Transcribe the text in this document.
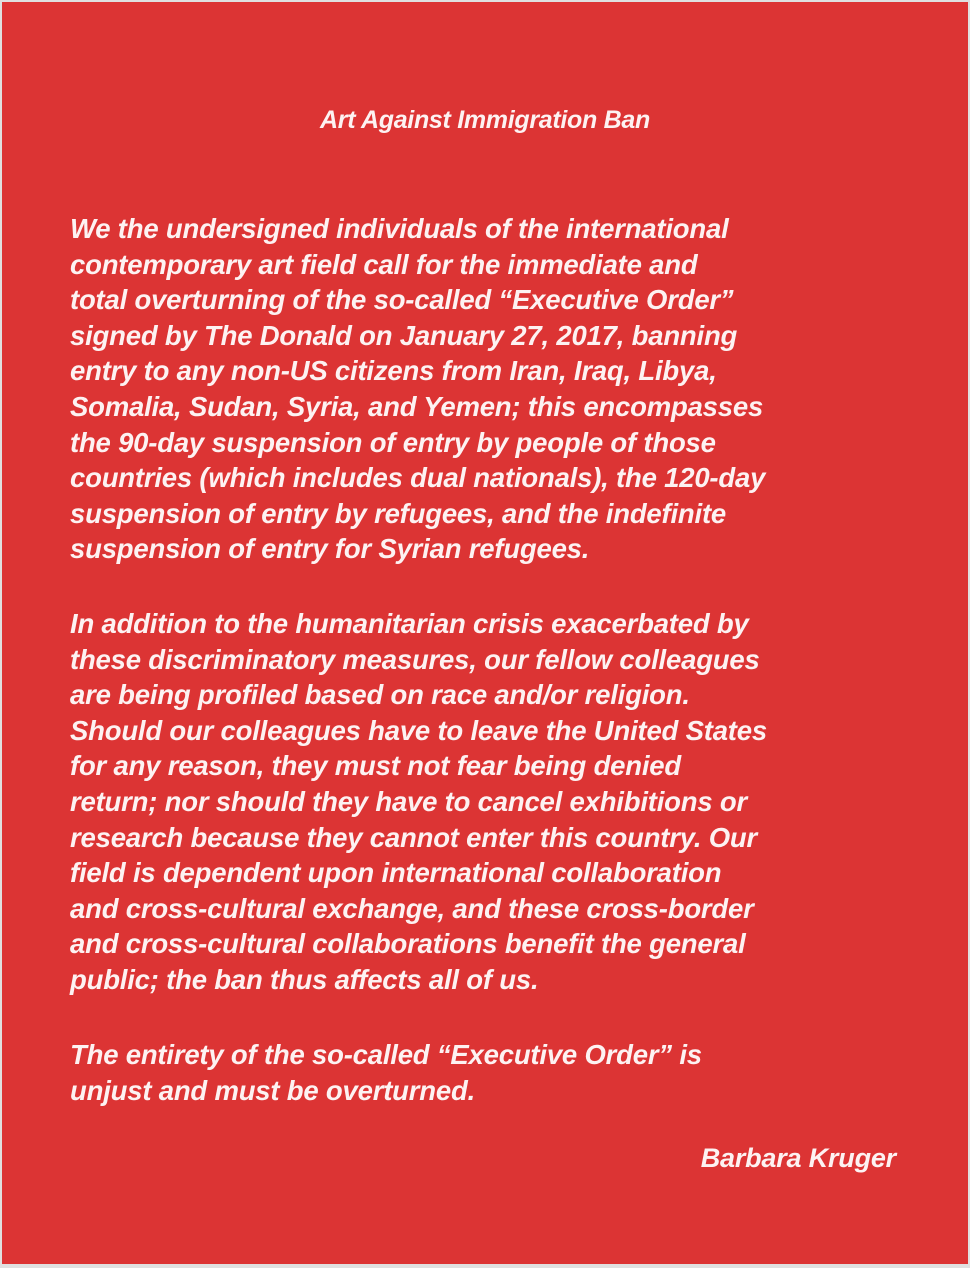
Art Against Immigration Ban
We the undersigned individuals of the international
contemporary art field call for the immediate and
total overturning of the so-called “Executive Order”
signed by The Donald on January 27, 2017, banning
entry to any non-US citizens from Iran, Iraq, Libya,
Somalia, Sudan, Syria, and Yemen; this encompasses
the 90-day suspension of entry by people of those
countries (which includes dual nationals), the 120-day
suspension of entry by refugees, and the indefinite
suspension of entry for Syrian refugees.
In addition to the humanitarian crisis exacerbated by
these discriminatory measures, our fellow colleagues
are being profiled based on race and/or religion.
Should our colleagues have to leave the United States
for any reason, they must not fear being denied
return; nor should they have to cancel exhibitions or
research because they cannot enter this country. Our
field is dependent upon international collaboration
and cross-cultural exchange, and these cross-border
and cross-cultural collaborations benefit the general
public; the ban thus affects all of us.
The entirety of the so-called “Executive Order” is
unjust and must be overturned.
Barbara Kruger
